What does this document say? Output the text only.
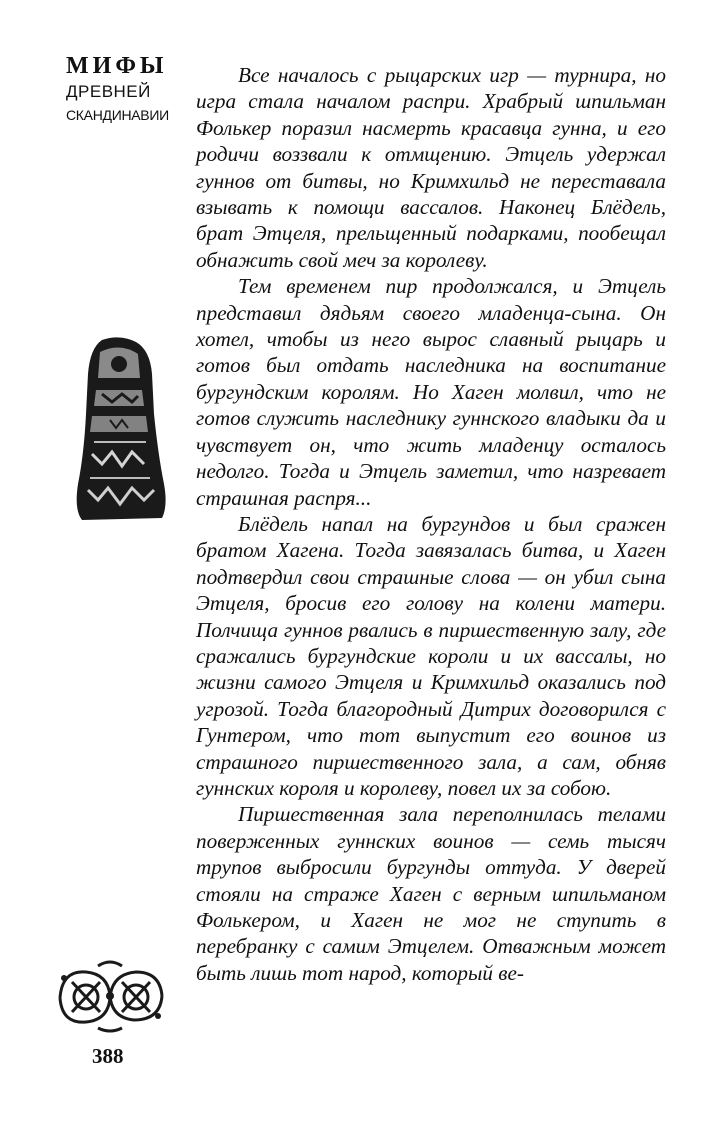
МИФЫ
ДРЕВНЕЙ
СКАНДИНАВИИ

Все началось с рыцарских игр — турнира, но игра стала началом распри. Храбрый шпильман Фолькер поразил насмерть красавца гунна, и его родичи воззвали к отмщению. Этцель удержал гуннов от битвы, но Кримхильд не переставала взывать к помощи вассалов. Наконец Блёдель, брат Этцеля, прельщенный подарками, пообещал обнажить свой меч за королеву.

Тем временем пир продолжался, и Этцель представил дядьям своего младенца-сына. Он хотел, чтобы из него вырос славный рыцарь и готов был отдать наследника на воспитание бургундским королям. Но Хаген молвил, что не готов служить наследнику гуннского владыки да и чувствует он, что жить младенцу осталось недолго. Тогда и Этцель заметил, что назревает страшная распря...

Блёдель напал на бургундов и был сражен братом Хагена. Тогда завязалась битва, и Хаген подтвердил свои страшные слова — он убил сына Этцеля, бросив его голову на колени матери. Полчища гуннов рвались в пиршественную залу, где сражались бургундские короли и их вассалы, но жизни самого Этцеля и Кримхильд оказались под угрозой. Тогда благородный Дитрих договорился с Гунтером, что тот выпустит его воинов из страшного пиршественного зала, а сам, обняв гуннских короля и королеву, повел их за собою.

Пиршественная зала переполнилась телами поверженных гуннских воинов — семь тысяч трупов выбросили бургунды оттуда. У дверей стояли на страже Хаген с верным шпильманом Фолькером, и Хаген не мог не ступить в перебранку с самим Этцелем. Отважным может быть лишь тот народ, который ве-

388
